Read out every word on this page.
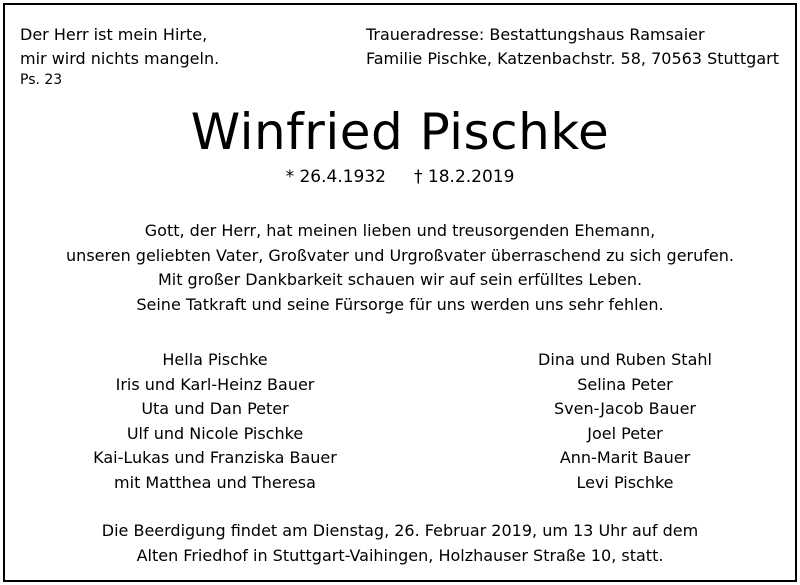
Der Herr ist mein Hirte,
mir wird nichts mangeln.
Ps. 23
Traueradresse: Bestattungshaus Ramsaier
Familie Pischke, Katzenbachstr. 58, 70563 Stuttgart
Winfried Pischke
* 26.4.1932 † 18.2.2019
Gott, der Herr, hat meinen lieben und treusorgenden Ehemann,
unseren geliebten Vater, Großvater und Urgroßvater überraschend zu sich gerufen.
Mit großer Dankbarkeit schauen wir auf sein erfülltes Leben.
Seine Tatkraft und seine Fürsorge für uns werden uns sehr fehlen.
Hella Pischke
Iris und Karl-Heinz Bauer
Uta und Dan Peter
Ulf und Nicole Pischke
Kai-Lukas und Franziska Bauer
mit Matthea und Theresa
Dina und Ruben Stahl
Selina Peter
Sven-Jacob Bauer
Joel Peter
Ann-Marit Bauer
Levi Pischke
Die Beerdigung findet am Dienstag, 26. Februar 2019, um 13 Uhr auf dem
Alten Friedhof in Stuttgart-Vaihingen, Holzhauser Straße 10, statt.
